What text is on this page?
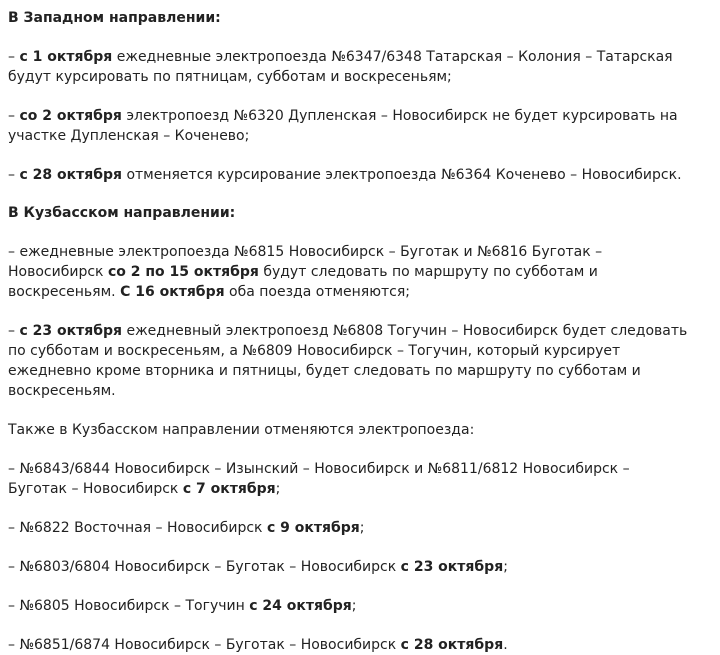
В Западном направлении:
– с 1 октября ежедневные электропоезда №6347/6348 Татарская – Колония – Татарская
будут курсировать по пятницам, субботам и воскресеньям;
– со 2 октября электропоезд №6320 Дупленская – Новосибирск не будет курсировать на
участке Дупленская – Коченево;
– с 28 октября отменяется курсирование электропоезда №6364 Коченево – Новосибирск.
В Кузбасском направлении:
– ежедневные электропоезда №6815 Новосибирск – Буготак и №6816 Буготак –
Новосибирск со 2 по 15 октября будут следовать по маршруту по субботам и
воскресеньям. С 16 октября оба поезда отменяются;
– с 23 октября ежедневный электропоезд №6808 Тогучин – Новосибирск будет следовать
по субботам и воскресеньям, а №6809 Новосибирск – Тогучин, который курсирует
ежедневно кроме вторника и пятницы, будет следовать по маршруту по субботам и
воскресеньям.
Также в Кузбасском направлении отменяются электропоезда:
– №6843/6844 Новосибирск – Изынский – Новосибирск и №6811/6812 Новосибирск –
Буготак – Новосибирск с 7 октября;
– №6822 Восточная – Новосибирск с 9 октября;
– №6803/6804 Новосибирск – Буготак – Новосибирск с 23 октября;
– №6805 Новосибирск – Тогучин с 24 октября;
– №6851/6874 Новосибирск – Буготак – Новосибирск с 28 октября.
